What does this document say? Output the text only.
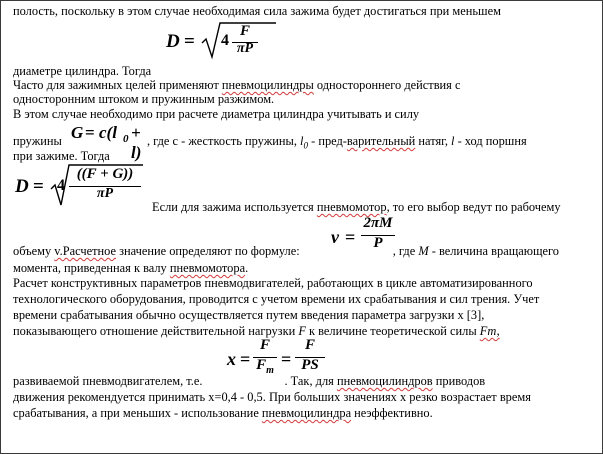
полость, поскольку в этом случае необходимая сила зажима будет достигаться при меньшем
D = 4
F
πP
диаметре цилиндра. Тогда
Часто для зажимных целей применяют пневмоцилиндры одностороннего действия с
односторонним штоком и пружинным разжимом.
В этом случае необходимо при расчете диаметра цилиндра учитывать и силу
пружины	, где с - жесткость пружины, $l_0$ - пред-варительный натяг, l - ход поршня
G = c(l 0 + l)
при зажиме. Тогда
D = 4
((F + G))
πP
Если для зажима используется пневмомотор, то его выбор ведут по рабочему
v =
2πM
P
объему v.Расчетное значение определяют по формуле:	, где М - величина вращающего
момента, приведенная к валу пневмомотора.
Расчет конструктивных параметров пневмодвигателей, работающих в цикле автоматизированного
технологического оборудования, проводится с учетом времени их срабатывания и сил трения. Учет
времени срабатывания обычно осуществляется путем введения параметра загрузки x [3],
показывающего отношение действительной нагрузки F к величине теоретической силы Fт,
x =
F
$F_m$
=
F
PS
развиваемой пневмодвигателем, т.е.	. Так, для пневмоцилиндров приводов
движения рекомендуется принимать x=0,4 - 0,5. При больших значениях x резко возрастает время
срабатывания, а при меньших - использование пневмоцилиндра неэффективно.
